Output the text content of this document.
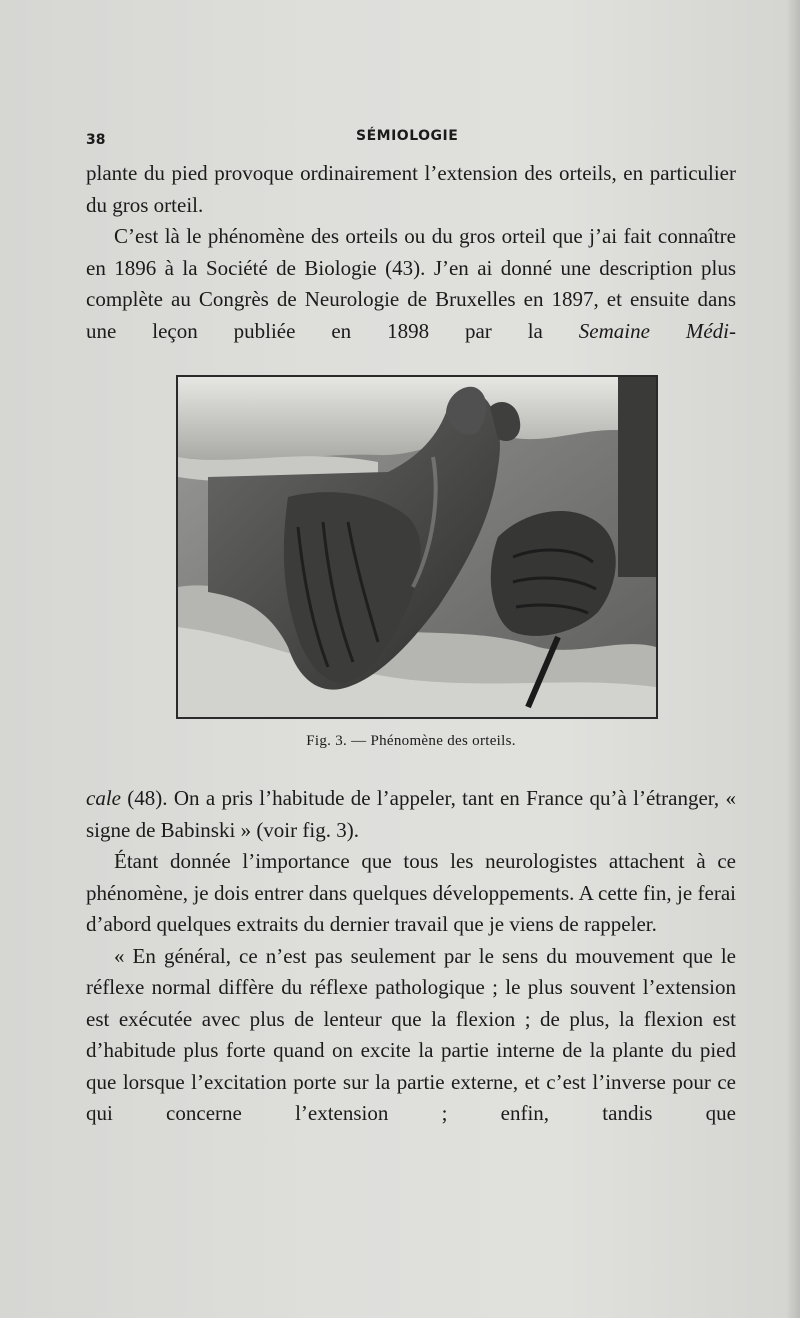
38	SÉMIOLOGIE

plante du pied provoque ordinairement l’extension des orteils, en particulier du gros orteil.

C’est là le phénomène des orteils ou du gros orteil que j’ai fait connaître en 1896 à la Société de Biologie (43). J’en ai donné une description plus complète au Congrès de Neurologie de Bruxelles en 1897, et ensuite dans une leçon publiée en 1898 par la Semaine Médi-

Fig. 3. — Phénomène des orteils.

cale (48). On a pris l’habitude de l’appeler, tant en France qu’à l’étranger, « signe de Babinski » (voir fig. 3).

Étant donnée l’importance que tous les neurologistes attachent à ce phénomène, je dois entrer dans quelques développements. A cette fin, je ferai d’abord quelques extraits du dernier travail que je viens de rappeler.

« En général, ce n’est pas seulement par le sens du mouvement que le réflexe normal diffère du réflexe pathologique ; le plus souvent l’extension est exécutée avec plus de lenteur que la flexion ; de plus, la flexion est d’habitude plus forte quand on excite la partie interne de la plante du pied que lorsque l’excitation porte sur la partie externe, et c’est l’inverse pour ce qui concerne l’extension ; enfin, tandis que
